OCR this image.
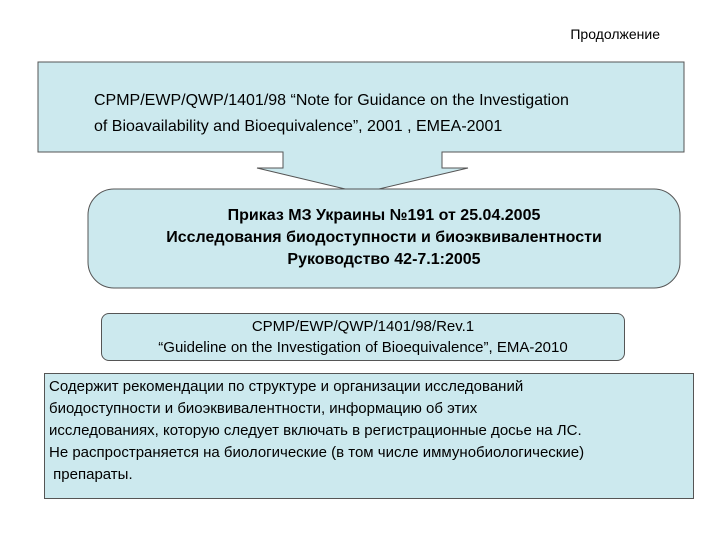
Продолжение
CPMP/EWP/QWP/1401/98 “Note for Guidance on the Investigation
of Bioavailability and Bioequivalence”, 2001 , EMEA-2001
Приказ МЗ Украины №191 от 25.04.2005
Исследования биодоступности и биоэквивалентности
Руководство 42-7.1:2005
CPMP/EWP/QWP/1401/98/Rev.1
“Guideline on the Investigation of Bioequivalence”, EMA-2010
Содержит рекомендации по структуре и организации исследований
биодоступности и биоэквивалентности, информацию об этих
исследованиях, которую следует включать в регистрационные досье на ЛС.
Не распространяется на биологические (в том числе иммунобиологические)
препараты.
